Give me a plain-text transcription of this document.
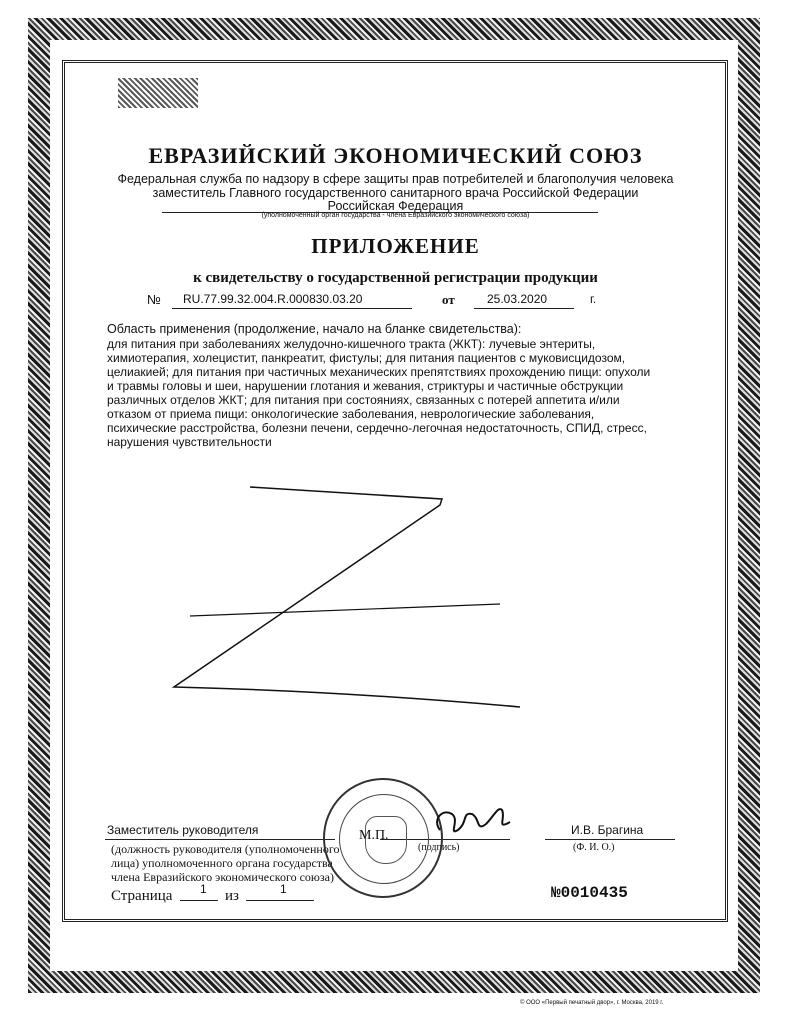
ЕВРАЗИЙСКИЙ ЭКОНОМИЧЕСКИЙ СОЮЗ
Федеральная служба по надзору в сфере защиты прав потребителей и благополучия человека
заместитель Главного государственного санитарного врача Российской Федерации
Российская Федерация
(уполномоченный орган государства - члена Евразийского экономического союза)
ПРИЛОЖЕНИЕ
к свидетельству о государственной регистрации продукции
№ RU.77.99.32.004.R.000830.03.20	от	25.03.2020	г.
Область применения (продолжение, начало на бланке свидетельства):
для питания при заболеваниях желудочно-кишечного тракта (ЖКТ): лучевые энтериты,
химиотерапия, холецистит, панкреатит, фистулы; для питания пациентов с муковисцидозом,
целиакией; для питания при частичных механических препятствиях прохождению пищи: опухоли
и травмы головы и шеи, нарушении глотания и жевания, стриктуры и частичные обструкции
различных отделов ЖКТ; для питания при состояниях, связанных с потерей аппетита и/или
отказом от приема пищи: онкологические заболевания, неврологические заболевания,
психические расстройства, болезни печени, сердечно-легочная недостаточность, СПИД, стресс,
нарушения чувствительности
Заместитель руководителя	И.В. Брагина
(должность руководителя (уполномоченного
лица) уполномоченного органа государства
члена Евразийского экономического союза)
(подпись)	(Ф. И. О.)
М.П.
Страница 1 из	1	№0010435
© ООО «Первый печатный двор», г. Москва, 2019 г.
